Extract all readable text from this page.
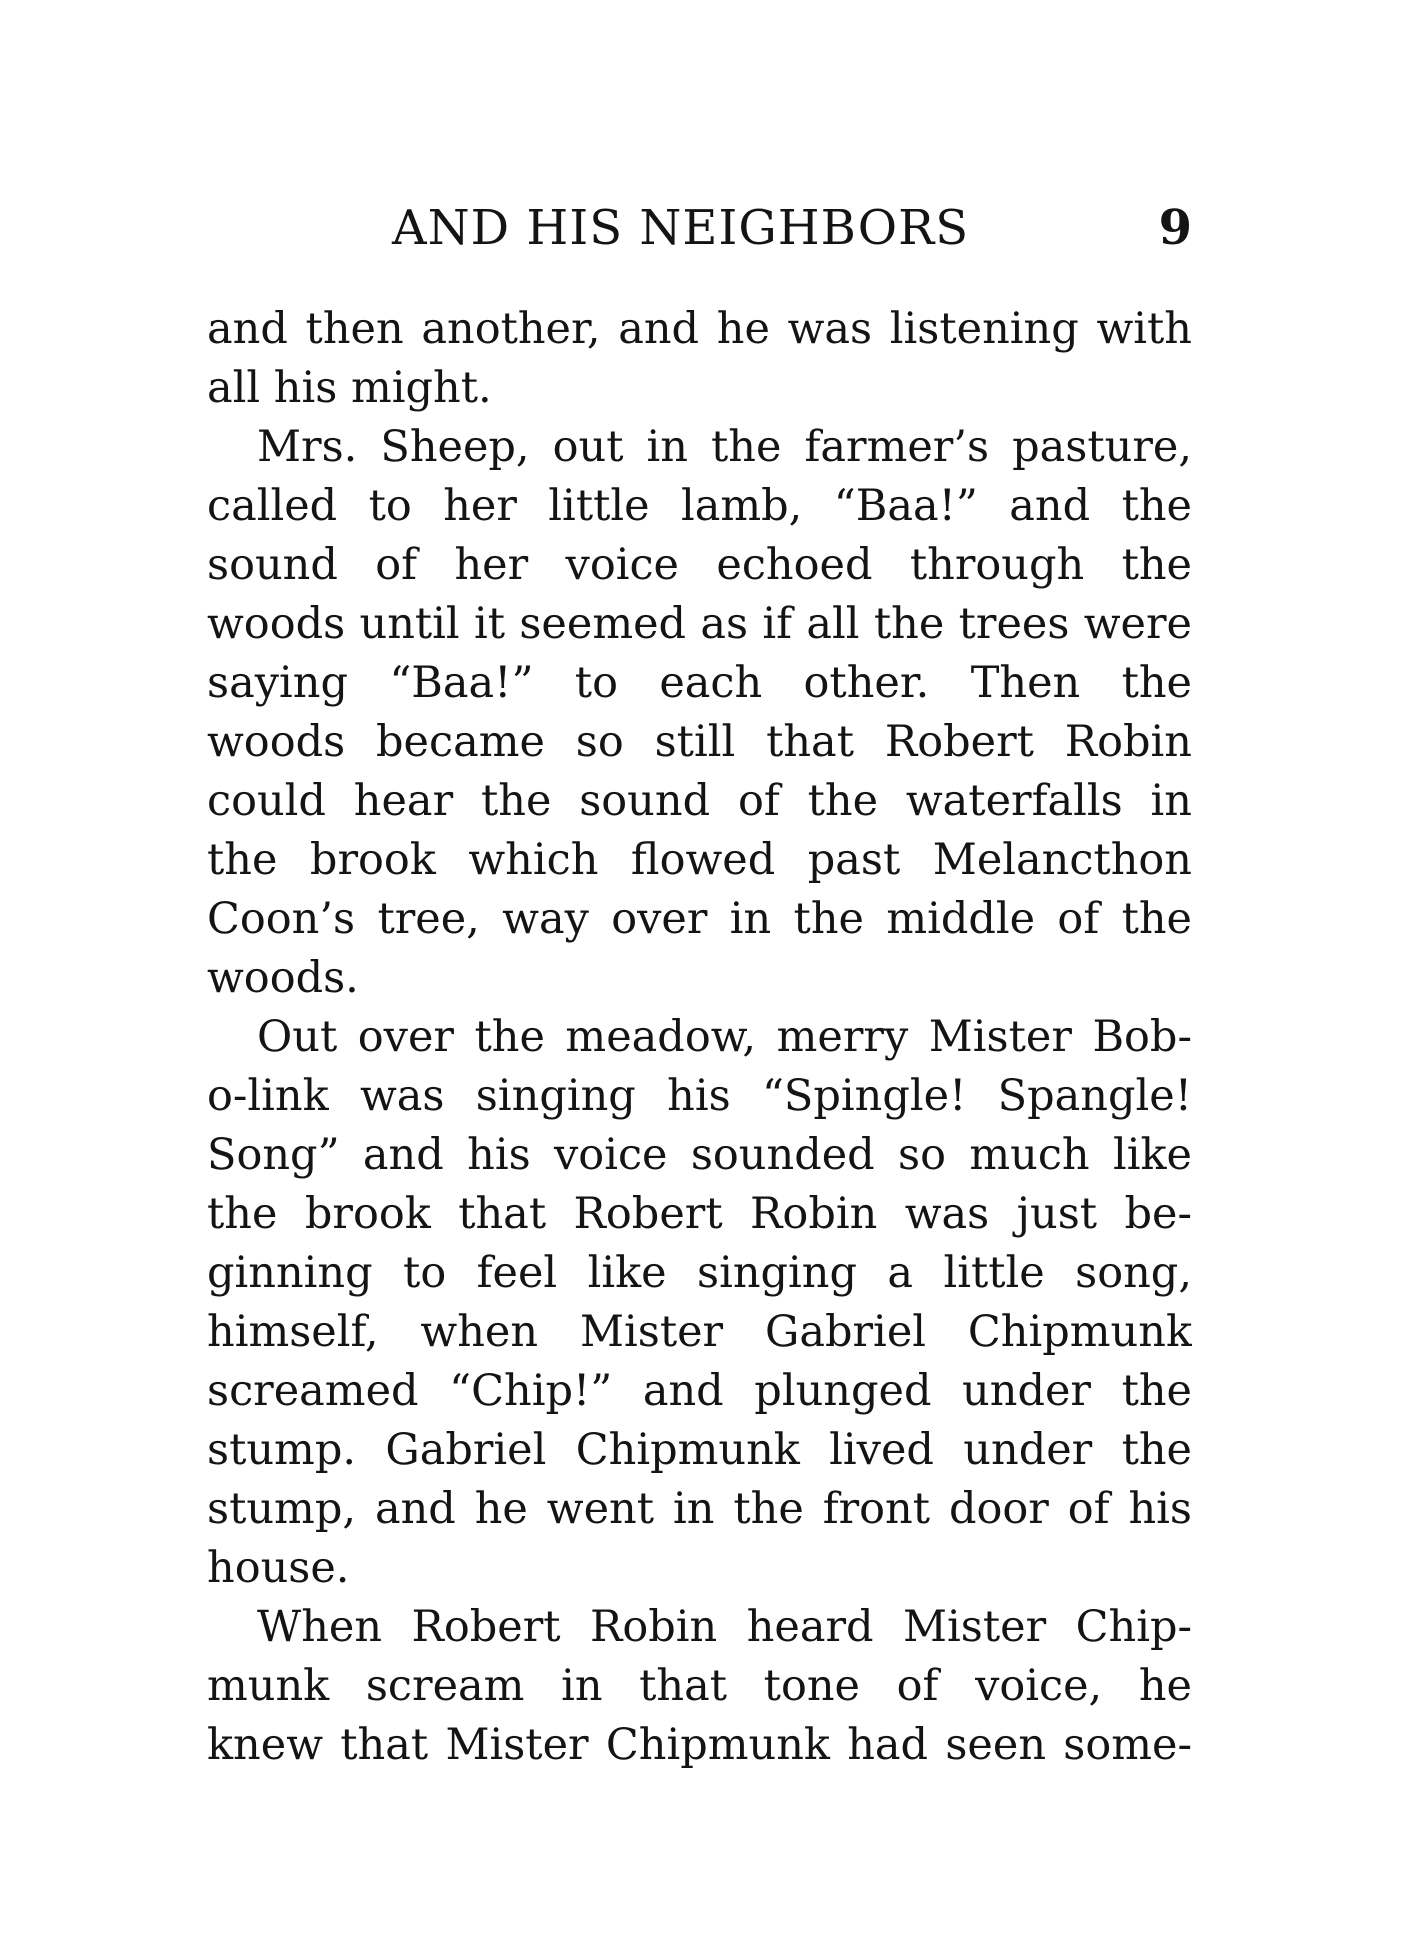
AND HIS NEIGHBORS	9
and then another, and he was listening with
all his might.
Mrs. Sheep, out in the farmer’s pasture,
called to her little lamb, “Baa!” and the
sound of her voice echoed through the
woods until it seemed as if all the trees were
saying “Baa!” to each other. Then the
woods became so still that Robert Robin
could hear the sound of the waterfalls in
the brook which flowed past Melancthon
Coon’s tree, way over in the middle of the
woods.
Out over the meadow, merry Mister Bob-
o-link was singing his “Spingle! Spangle!
Song” and his voice sounded so much like
the brook that Robert Robin was just be-
ginning to feel like singing a little song,
himself, when Mister Gabriel Chipmunk
screamed “Chip!” and plunged under the
stump. Gabriel Chipmunk lived under the
stump, and he went in the front door of his
house.
When Robert Robin heard Mister Chip-
munk scream in that tone of voice, he
knew that Mister Chipmunk had seen some-
